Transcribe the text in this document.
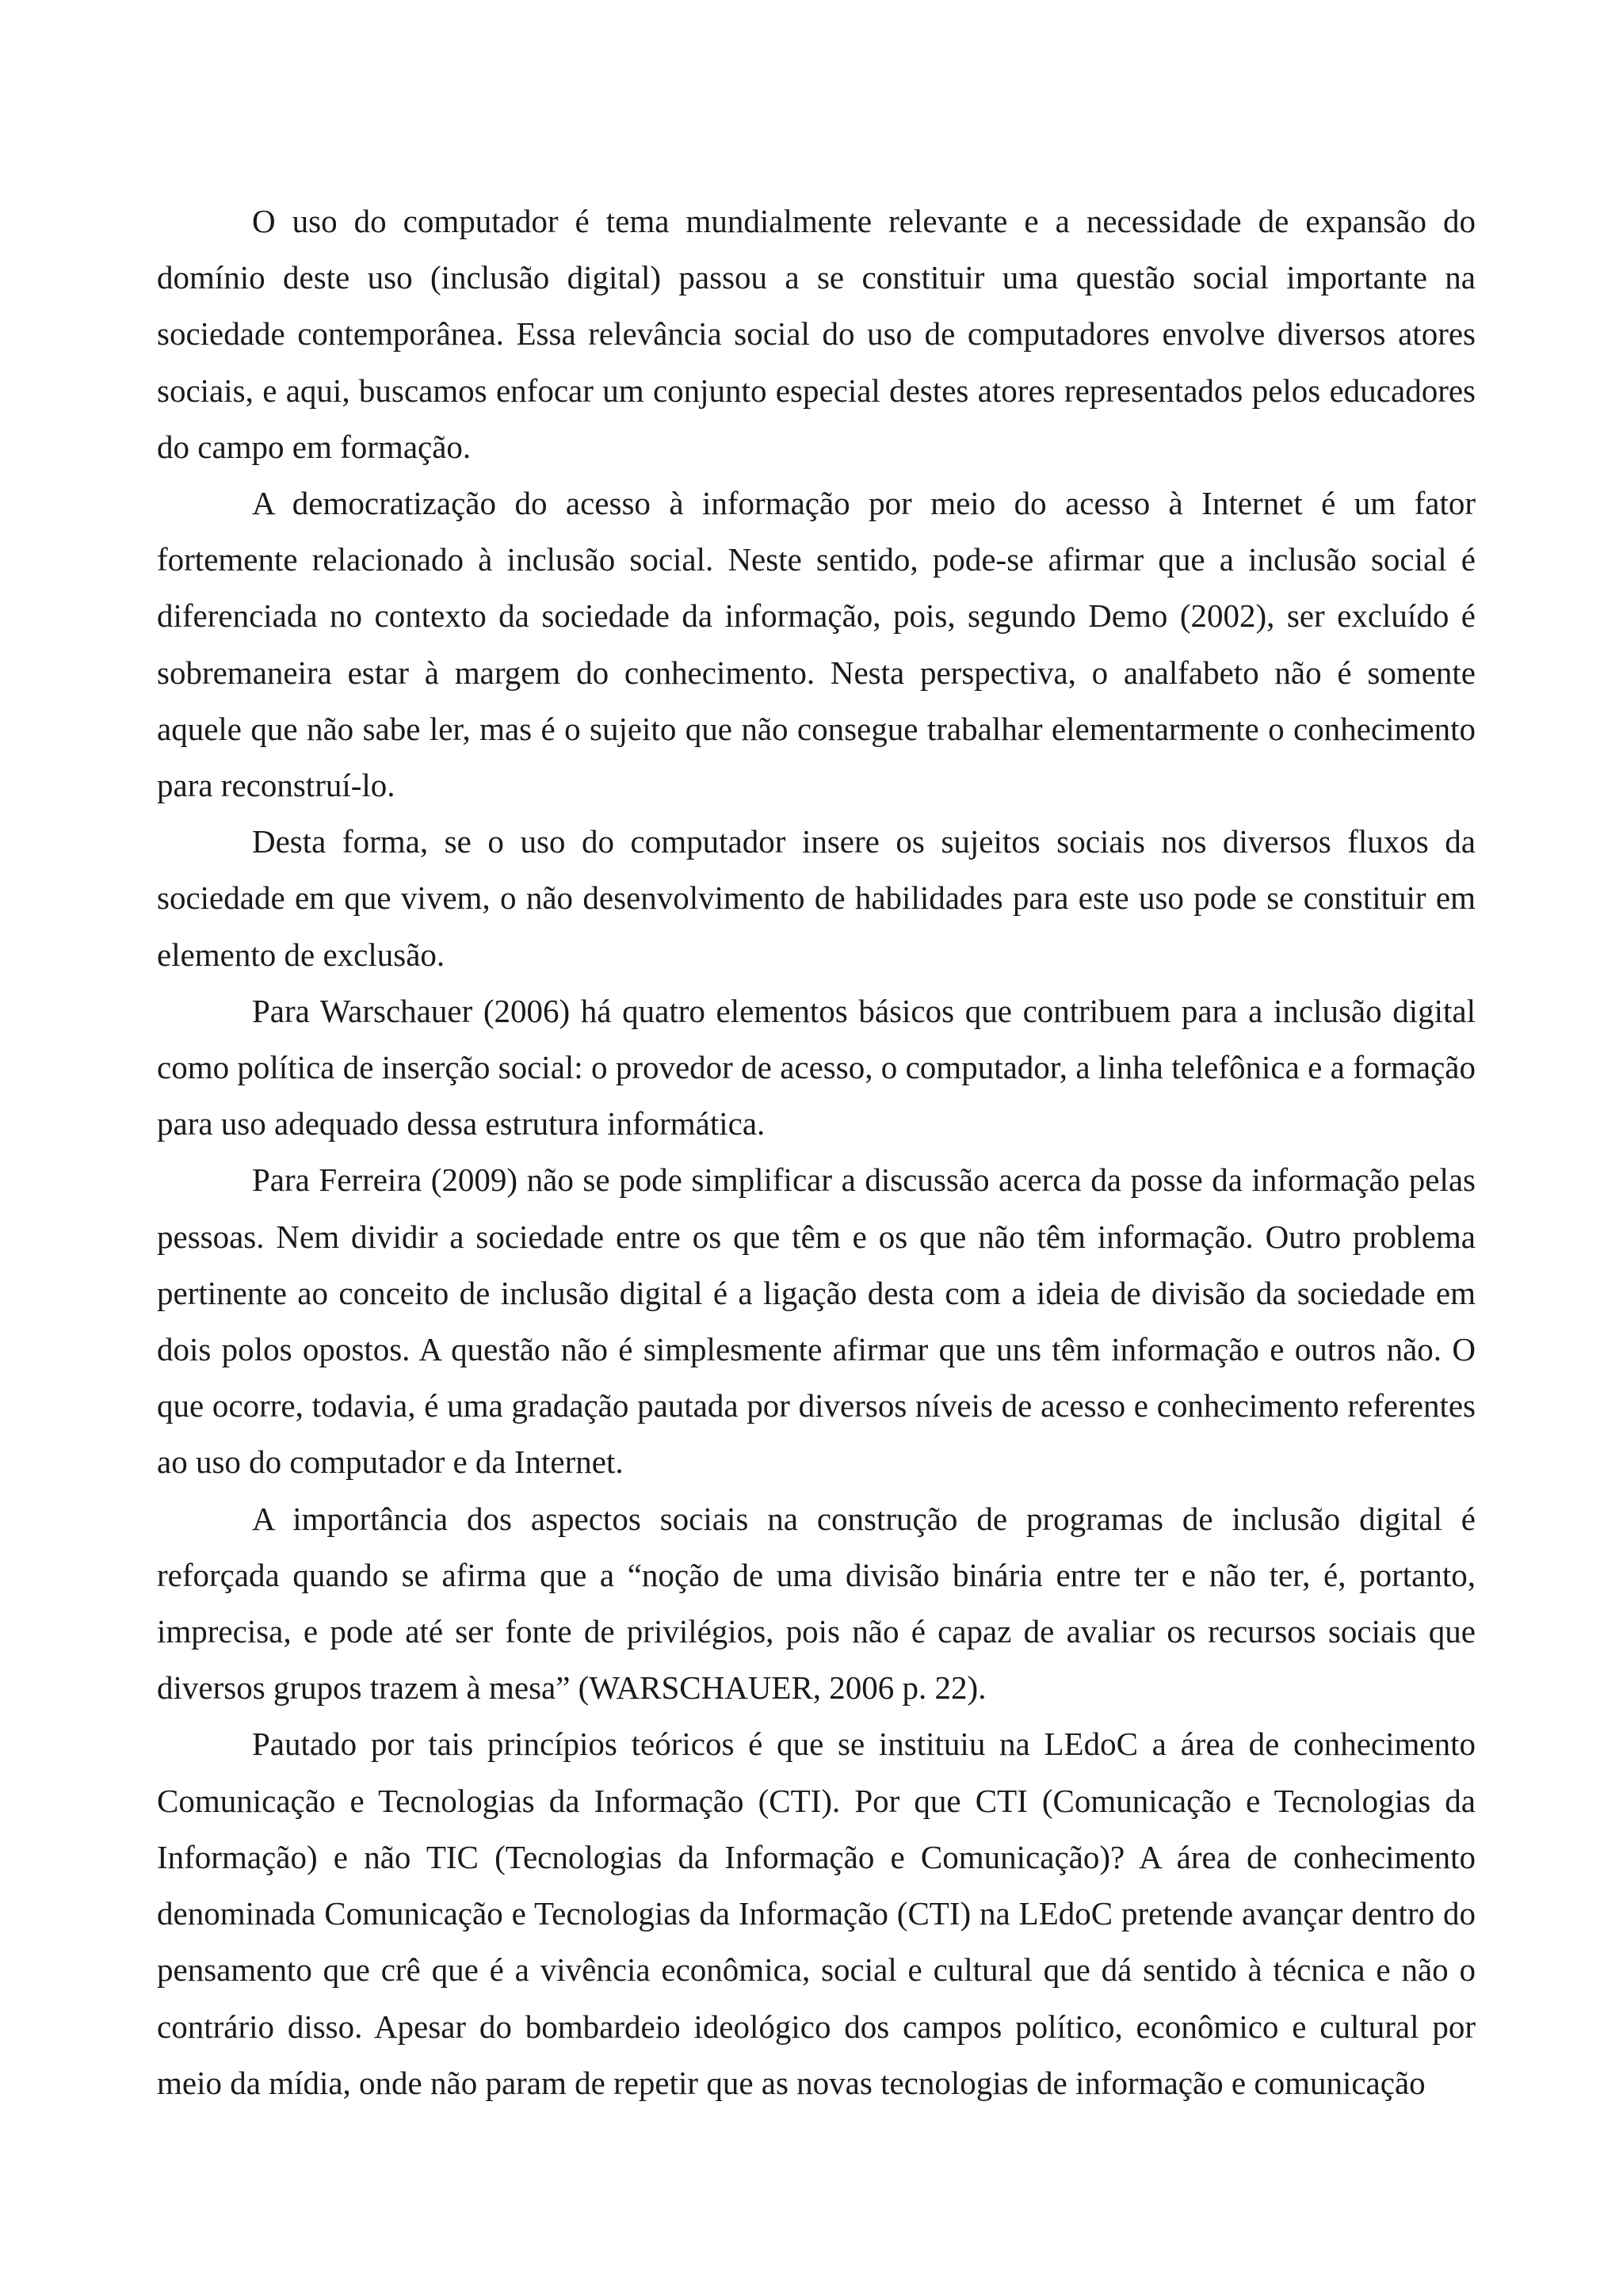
O uso do computador é tema mundialmente relevante e a necessidade de expansão do domínio deste uso (inclusão digital) passou a se constituir uma questão social importante na sociedade contemporânea. Essa relevância social do uso de computadores envolve diversos atores sociais, e aqui, buscamos enfocar um conjunto especial destes atores representados pelos educadores do campo em formação.

A democratização do acesso à informação por meio do acesso à Internet é um fator fortemente relacionado à inclusão social. Neste sentido, pode-se afirmar que a inclusão social é diferenciada no contexto da sociedade da informação, pois, segundo Demo (2002), ser excluído é sobremaneira estar à margem do conhecimento. Nesta perspectiva, o analfabeto não é somente aquele que não sabe ler, mas é o sujeito que não consegue trabalhar elementarmente o conhecimento para reconstruí-lo.

Desta forma, se o uso do computador insere os sujeitos sociais nos diversos fluxos da sociedade em que vivem, o não desenvolvimento de habilidades para este uso pode se constituir em elemento de exclusão.

Para Warschauer (2006) há quatro elementos básicos que contribuem para a inclusão digital como política de inserção social: o provedor de acesso, o computador, a linha telefônica e a formação para uso adequado dessa estrutura informática.

Para Ferreira (2009) não se pode simplificar a discussão acerca da posse da informação pelas pessoas. Nem dividir a sociedade entre os que têm e os que não têm informação. Outro problema pertinente ao conceito de inclusão digital é a ligação desta com a ideia de divisão da sociedade em dois polos opostos. A questão não é simplesmente afirmar que uns têm informação e outros não. O que ocorre, todavia, é uma gradação pautada por diversos níveis de acesso e conhecimento referentes ao uso do computador e da Internet.

A importância dos aspectos sociais na construção de programas de inclusão digital é reforçada quando se afirma que a “noção de uma divisão binária entre ter e não ter, é, portanto, imprecisa, e pode até ser fonte de privilégios, pois não é capaz de avaliar os recursos sociais que diversos grupos trazem à mesa” (WARSCHAUER, 2006 p. 22).

Pautado por tais princípios teóricos é que se instituiu na LEdoC a área de conhecimento Comunicação e Tecnologias da Informação (CTI). Por que CTI (Comunicação e Tecnologias da Informação) e não TIC (Tecnologias da Informação e Comunicação)? A área de conhecimento denominada Comunicação e Tecnologias da Informação (CTI) na LEdoC pretende avançar dentro do pensamento que crê que é a vivência econômica, social e cultural que dá sentido à técnica e não o contrário disso. Apesar do bombardeio ideológico dos campos político, econômico e cultural por meio da mídia, onde não param de repetir que as novas tecnologias de informação e comunicação
